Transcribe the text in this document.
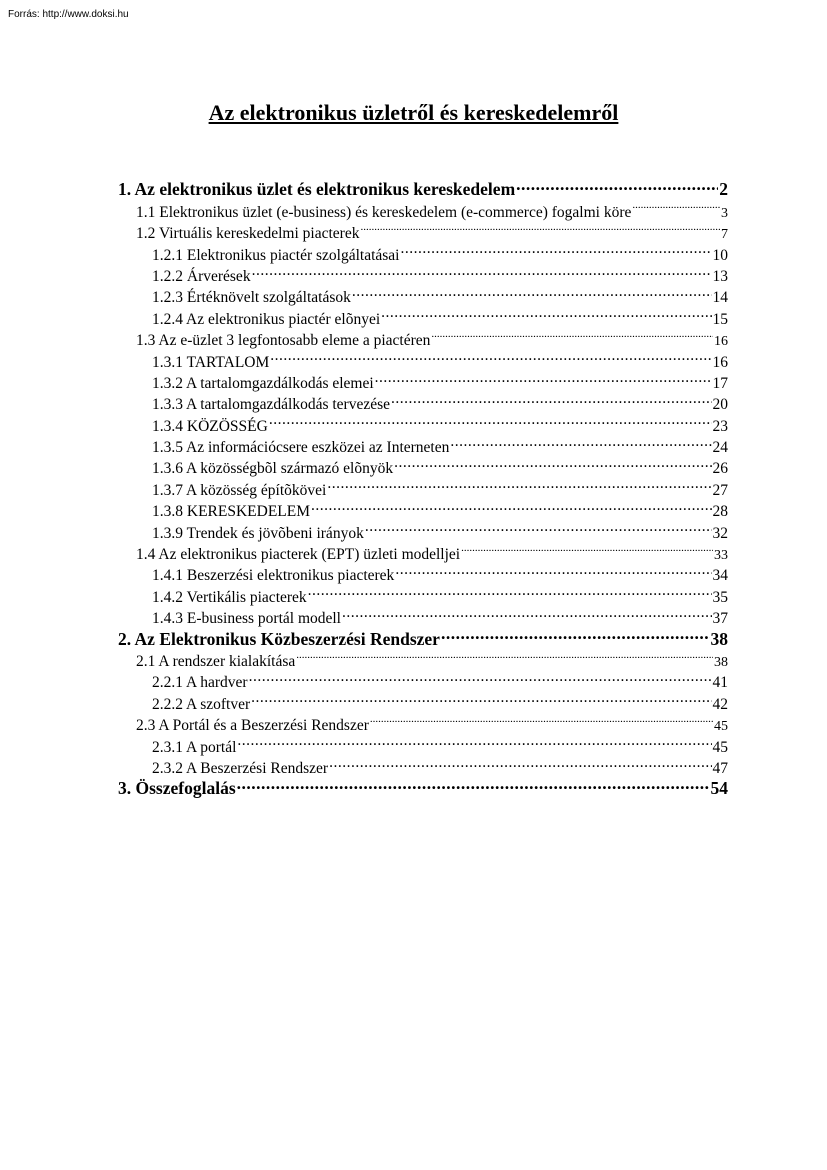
Forrás: http://www.doksi.hu
Az elektronikus üzletről és kereskedelemről
1. Az elektronikus üzlet és elektronikus kereskedelem .....	2
1.1 Elektronikus üzlet (e-business) és kereskedelem (e-commerce) fogalmi köre .....	3
1.2 Virtuális kereskedelmi piacterek .....	7
1.2.1 Elektronikus piactér szolgáltatásai .....	10
1.2.2 Árverések .....	13
1.2.3 Értéknövelt szolgáltatások .....	14
1.2.4 Az elektronikus piactér elõnyei .....	15
1.3 Az e-üzlet 3 legfontosabb eleme a piactéren .....	16
1.3.1 TARTALOM .....	16
1.3.2 A tartalomgazdálkodás elemei .....	17
1.3.3 A tartalomgazdálkodás tervezése .....	20
1.3.4 KÖZÖSSÉG .....	23
1.3.5 Az információcsere eszközei az Interneten .....	24
1.3.6 A közösségbõl származó elõnyök .....	26
1.3.7 A közösség építõkövei .....	27
1.3.8 KERESKEDELEM .....	28
1.3.9 Trendek és jövõbeni irányok .....	32
1.4 Az elektronikus piacterek (EPT) üzleti modelljei .....	33
1.4.1 Beszerzési elektronikus piacterek .....	34
1.4.2 Vertikális piacterek .....	35
1.4.3 E-business portál modell .....	37
2. Az Elektronikus Közbeszerzési Rendszer .....	38
2.1 A rendszer kialakítása .....	38
2.2.1 A hardver .....	41
2.2.2 A szoftver .....	42
2.3 A Portál és a Beszerzési Rendszer .....	45
2.3.1 A portál .....	45
2.3.2 A Beszerzési Rendszer .....	47
3. Összefoglalás .....	54
